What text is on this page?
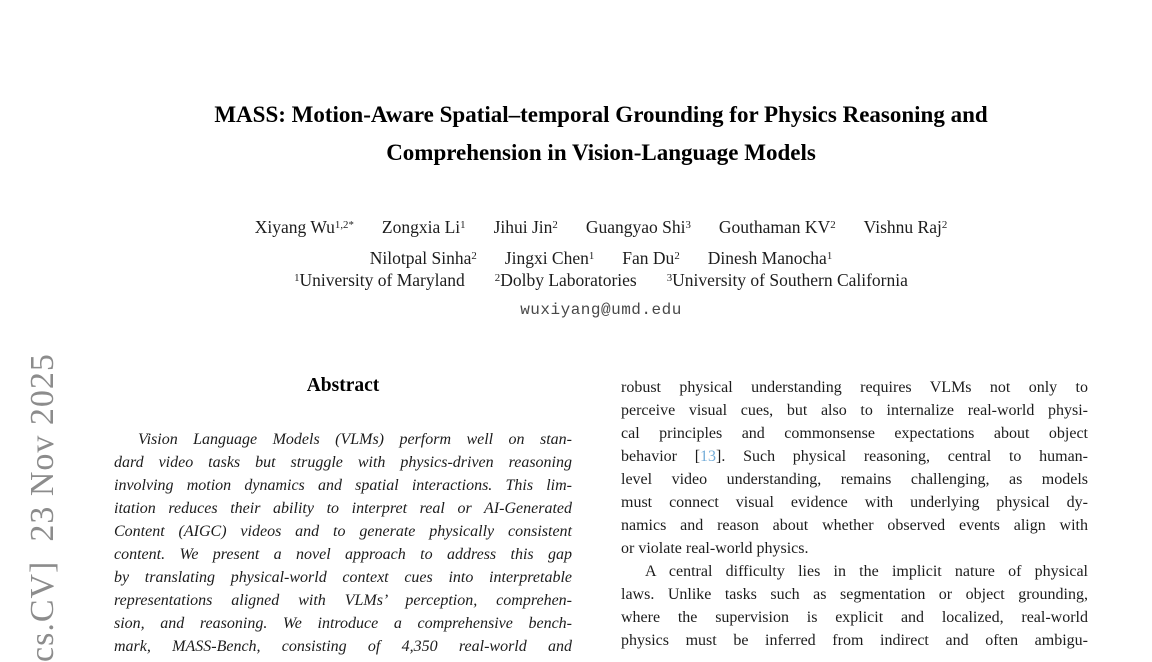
cs.CV]  23 Nov 2025
MASS: Motion-Aware Spatial–temporal Grounding for Physics Reasoning and
Comprehension in Vision-Language Models
Xiyang $Wu^{1,2*}$ Zongxia Li$^1$ Jihui Jin$^2$ Guangyao Shi$^3$ Gouthaman $KV^2$ Vishnu Raj$^2$
Nilotpal Sinha$^2$ Jingxi Chen$^1$ Fan Du$^2$ Dinesh Manocha$^1$
$^1$University of Maryland	$^2$Dolby Laboratories	$^3$University of Southern California
wuxiyang@umd.edu
Abstract
Vision Language Models (VLMs) perform well on stan-
dard video tasks but struggle with physics-driven reasoning
involving motion dynamics and spatial interactions. This lim-
itation reduces their ability to interpret real or AI-Generated
Content (AIGC) videos and to generate physically consistent
content. We present a novel approach to address this gap
by translating physical-world context cues into interpretable
representations aligned with VLMs’ perception, comprehen-
sion, and reasoning. We introduce a comprehensive bench-
mark, MASS-Bench, consisting of 4,350 real-world and
robust physical understanding requires VLMs not only to
perceive visual cues, but also to internalize real-world physi-
cal principles and commonsense expectations about object
behavior [13]. Such physical reasoning, central to human-
level video understanding, remains challenging, as models
must connect visual evidence with underlying physical dy-
namics and reason about whether observed events align with
or violate real-world physics.
A central difficulty lies in the implicit nature of physical
laws. Unlike tasks such as segmentation or object grounding,
where the supervision is explicit and localized, real-world
physics must be inferred from indirect and often ambigu-
